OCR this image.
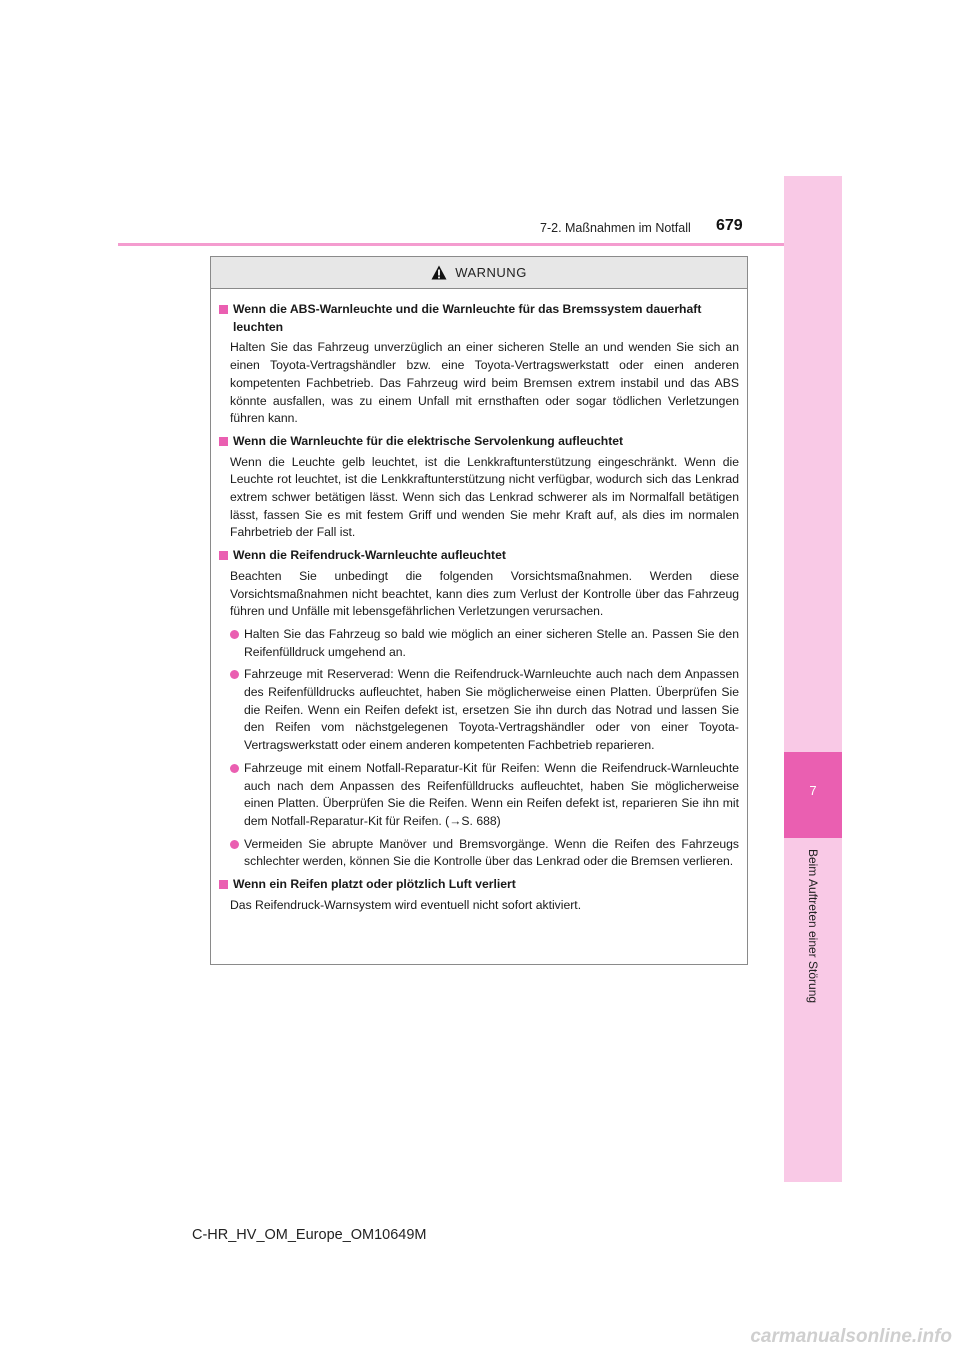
7
Beim Auftreten einer Störung
7-2. Maßnahmen im Notfall 679
WARNUNG
Wenn die ABS-Warnleuchte und die Warnleuchte für das Bremssystem dauerhaft leuchten
Halten Sie das Fahrzeug unverzüglich an einer sicheren Stelle an und wenden Sie sich an einen Toyota-Vertragshändler bzw. eine Toyota-Vertragswerkstatt oder einen anderen kompetenten Fachbetrieb. Das Fahrzeug wird beim Bremsen extrem instabil und das ABS könnte ausfallen, was zu einem Unfall mit ernsthaften oder sogar tödlichen Verletzungen führen kann.
Wenn die Warnleuchte für die elektrische Servolenkung aufleuchtet
Wenn die Leuchte gelb leuchtet, ist die Lenkkraftunterstützung eingeschränkt. Wenn die Leuchte rot leuchtet, ist die Lenkkraftunterstützung nicht verfügbar, wodurch sich das Lenkrad extrem schwer betätigen lässt. Wenn sich das Lenkrad schwerer als im Normalfall betätigen lässt, fassen Sie es mit festem Griff und wenden Sie mehr Kraft auf, als dies im normalen Fahrbetrieb der Fall ist.
Wenn die Reifendruck-Warnleuchte aufleuchtet
Beachten Sie unbedingt die folgenden Vorsichtsmaßnahmen. Werden diese Vorsichtsmaßnahmen nicht beachtet, kann dies zum Verlust der Kontrolle über das Fahrzeug führen und Unfälle mit lebensgefährlichen Verletzungen verursachen.
Halten Sie das Fahrzeug so bald wie möglich an einer sicheren Stelle an. Passen Sie den Reifenfülldruck umgehend an.
Fahrzeuge mit Reserverad: Wenn die Reifendruck-Warnleuchte auch nach dem Anpassen des Reifenfülldrucks aufleuchtet, haben Sie möglicherweise einen Platten. Überprüfen Sie die Reifen. Wenn ein Reifen defekt ist, ersetzen Sie ihn durch das Notrad und lassen Sie den Reifen vom nächstgelegenen Toyota-Vertragshändler oder von einer Toyota-Vertragswerkstatt oder einem anderen kompetenten Fachbetrieb reparieren.
Fahrzeuge mit einem Notfall-Reparatur-Kit für Reifen: Wenn die Reifendruck-Warnleuchte auch nach dem Anpassen des Reifenfülldrucks aufleuchtet, haben Sie möglicherweise einen Platten. Überprüfen Sie die Reifen. Wenn ein Reifen defekt ist, reparieren Sie ihn mit dem Notfall-Reparatur-Kit für Reifen. (→S. 688)
Vermeiden Sie abrupte Manöver und Bremsvorgänge. Wenn die Reifen des Fahrzeugs schlechter werden, können Sie die Kontrolle über das Lenkrad oder die Bremsen verlieren.
Wenn ein Reifen platzt oder plötzlich Luft verliert
Das Reifendruck-Warnsystem wird eventuell nicht sofort aktiviert.
C-HR_HV_OM_Europe_OM10649M
carmanualsonline.info
